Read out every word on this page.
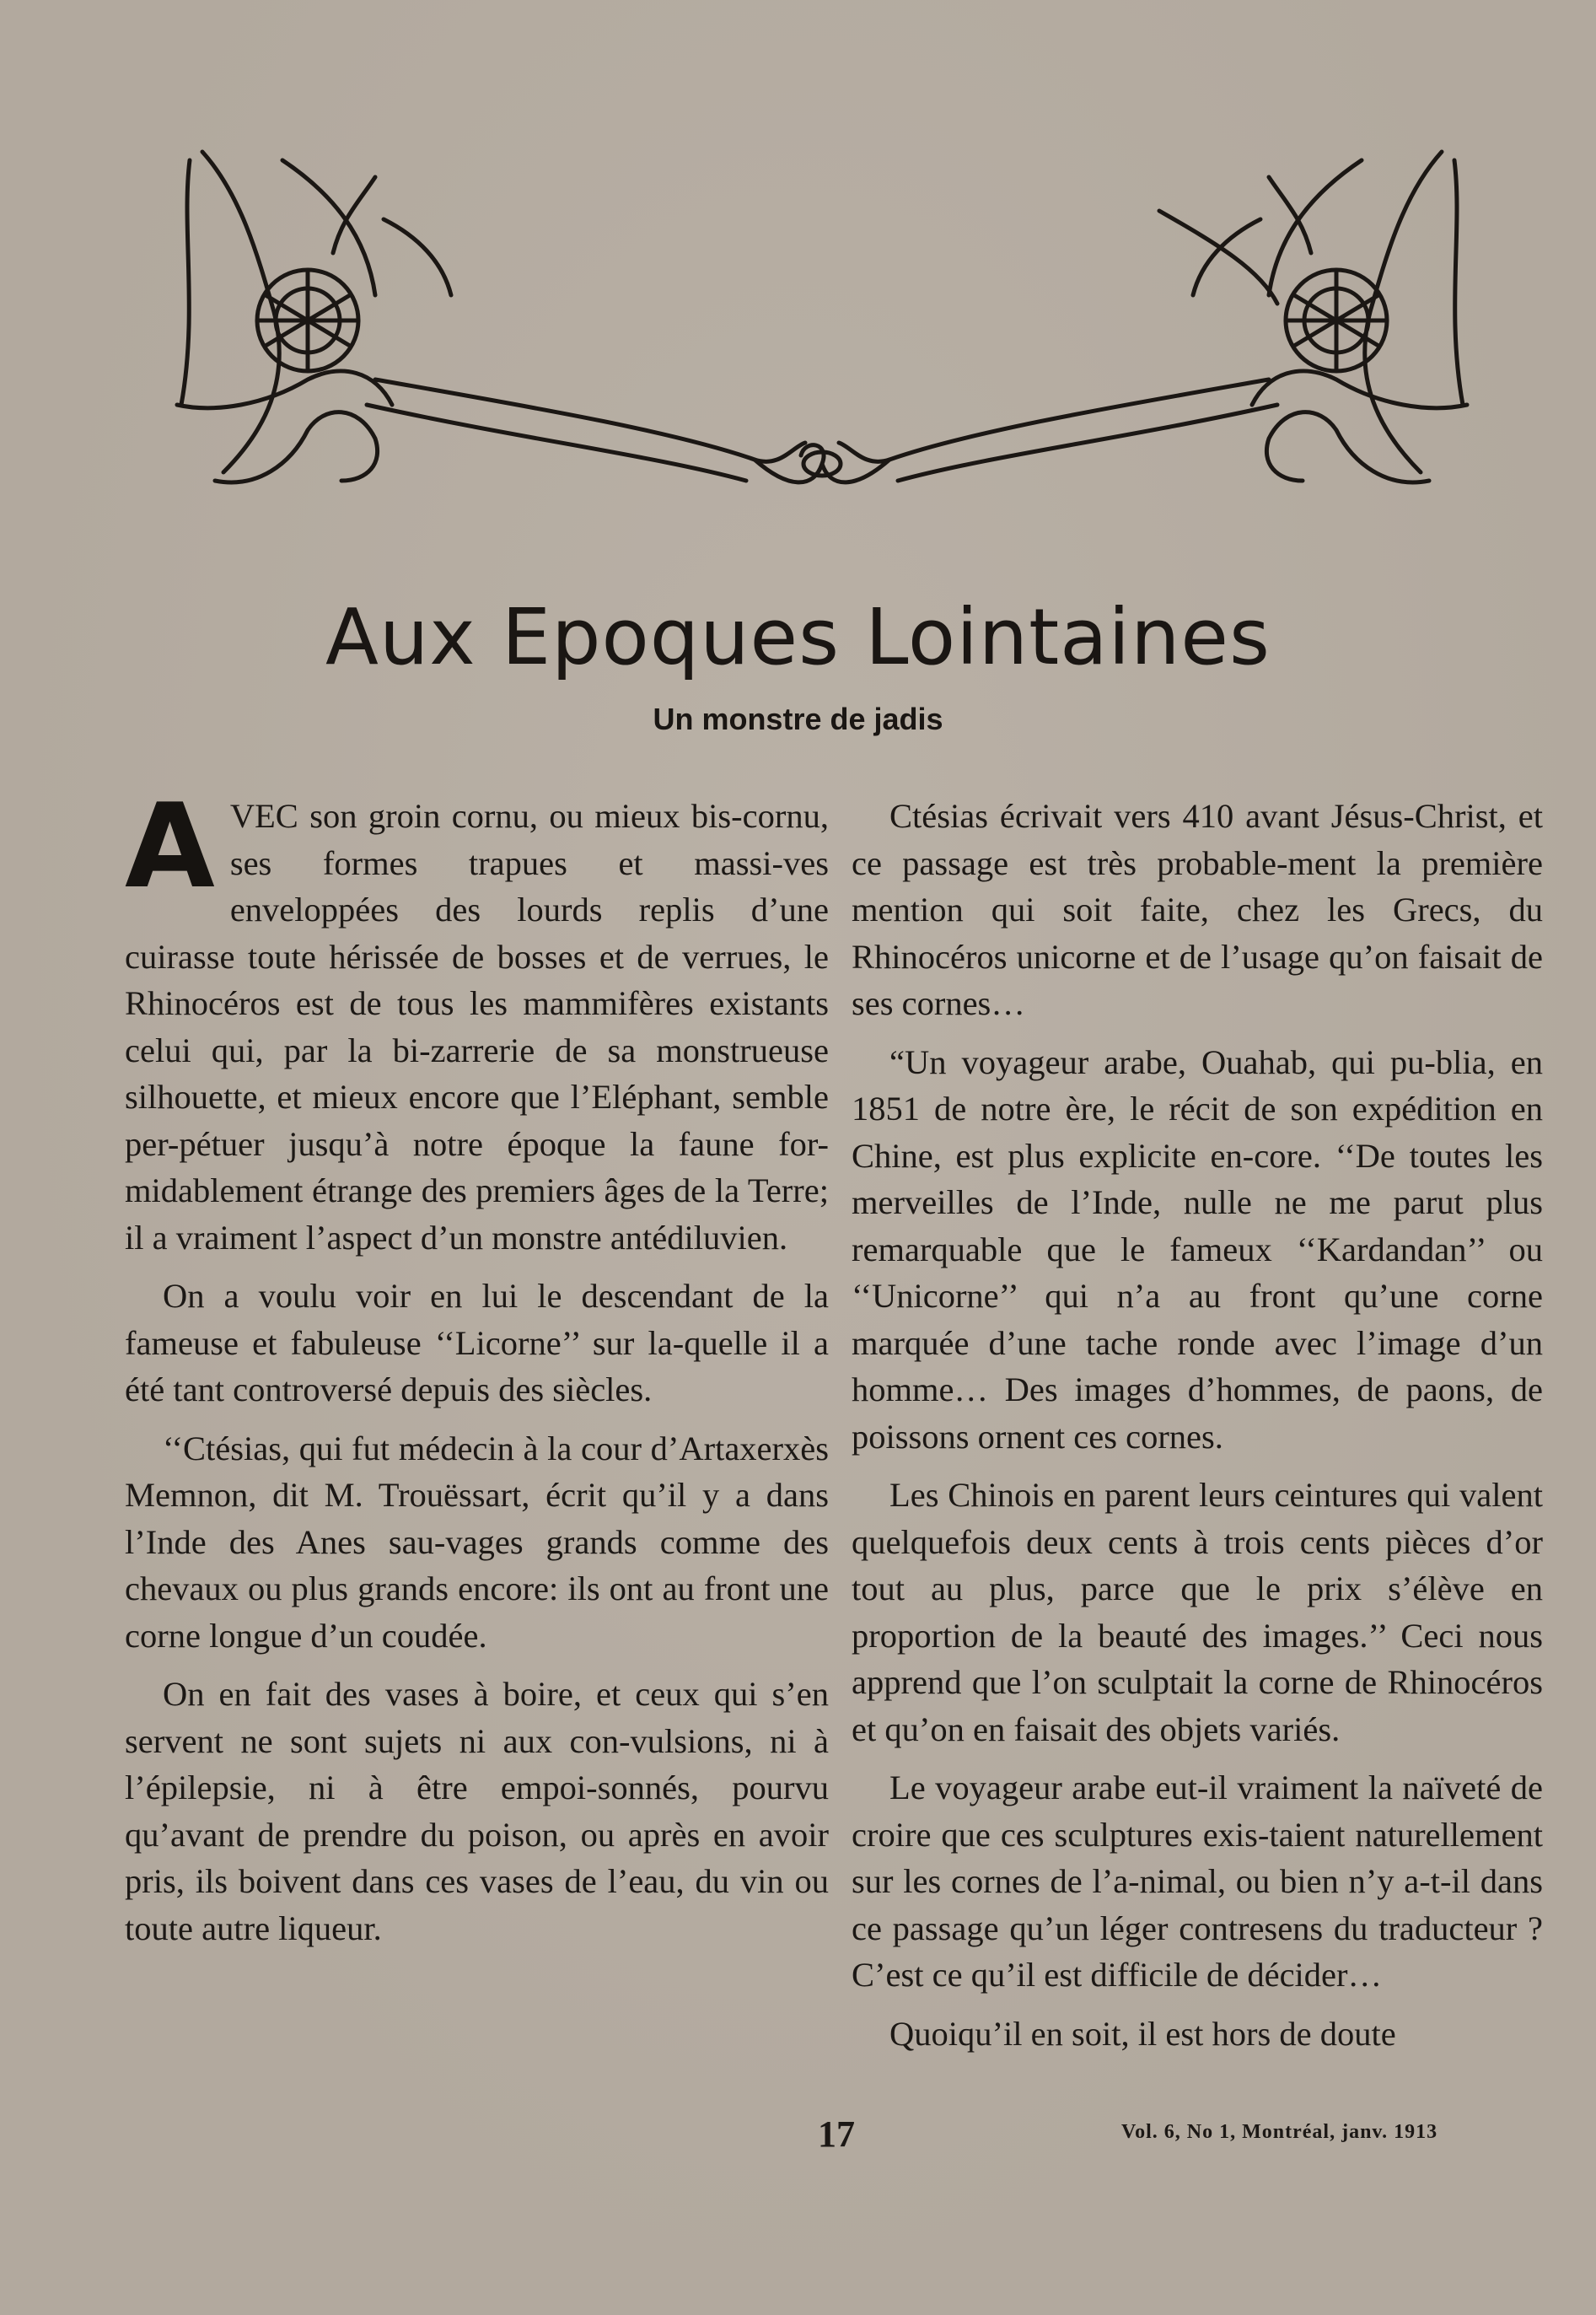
Aux Epoques Lointaines
Un monstre de jadis

AVEC son groin cornu, ou mieux bis-cornu, ses formes trapues et massi-ves enveloppées des lourds replis d’une cuirasse toute hérissée de bosses et de verrues, le Rhinocéros est de tous les mammifères existants celui qui, par la bi-zarrerie de sa monstrueuse silhouette, et mieux encore que l’Eléphant, semble per-pétuer jusqu’à notre époque la faune for-midablement étrange des premiers âges de la Terre; il a vraiment l’aspect d’un monstre antédiluvien.

On a voulu voir en lui le descendant de la fameuse et fabuleuse ‘‘Licorne’’ sur la-quelle il a été tant controversé depuis des siècles.

‘‘Ctésias, qui fut médecin à la cour d’Artaxerxès Memnon, dit M. Trouëssart, écrit qu’il y a dans l’Inde des Anes sau-vages grands comme des chevaux ou plus grands encore: ils ont au front une corne longue d’un coudée.

On en fait des vases à boire, et ceux qui s’en servent ne sont sujets ni aux con-vulsions, ni à l’épilepsie, ni à être empoi-sonnés, pourvu qu’avant de prendre du poison, ou après en avoir pris, ils boivent dans ces vases de l’eau, du vin ou toute autre liqueur.

Ctésias écrivait vers 410 avant Jésus-Christ, et ce passage est très probable-ment la première mention qui soit faite, chez les Grecs, du Rhinocéros unicorne et de l’usage qu’on faisait de ses cornes…

“Un voyageur arabe, Ouahab, qui pu-blia, en 1851 de notre ère, le récit de son expédition en Chine, est plus explicite en-core. ‘‘De toutes les merveilles de l’Inde, nulle ne me parut plus remarquable que le fameux ‘‘Kardandan’’ ou ‘‘Unicorne’’ qui n’a au front qu’une corne marquée d’une tache ronde avec l’image d’un homme… Des images d’hommes, de paons, de poissons ornent ces cornes.

Les Chinois en parent leurs ceintures qui valent quelquefois deux cents à trois cents pièces d’or tout au plus, parce que le prix s’élève en proportion de la beauté des images.’’ Ceci nous apprend que l’on sculptait la corne de Rhinocéros et qu’on en faisait des objets variés.

Le voyageur arabe eut-il vraiment la naïveté de croire que ces sculptures exis-taient naturellement sur les cornes de l’a-nimal, ou bien n’y a-t-il dans ce passage qu’un léger contresens du traducteur ? C’est ce qu’il est difficile de décider…

Quoiqu’il en soit, il est hors de doute

17	Vol. 6, No 1, Montréal, janv. 1913
